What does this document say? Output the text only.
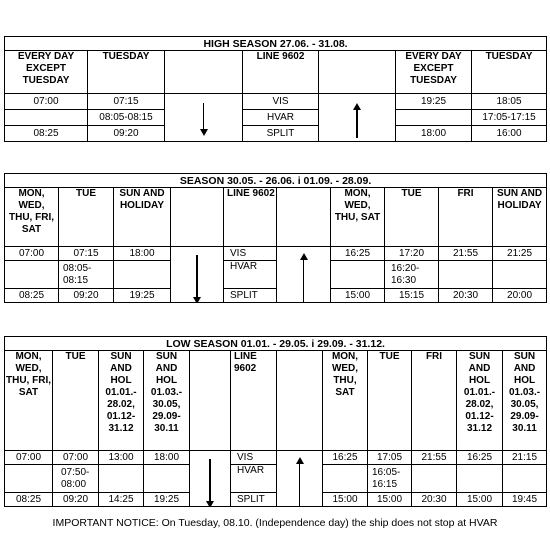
HIGH SEASON 27.06. - 31.08.						
EVERY DAY EXCEPT TUESDAY	TUESDAY		LINE 9602		EVERY DAY EXCEPT TUESDAY	TUESDAY
07:00	07:15		VIS		19:25	18:05
	08:05-08:15		HVAR			17:05-17:15
08:25	09:20		SPLIT		18:00	16:00
SEASON 30.05. - 26.06. i 01.09. - 28.09.									
MON, WED, THU, FRI, SAT	TUE	SUN AND HOLIDAY		LINE 9602		MON, WED, THU, SAT	TUE	FRI	SUN AND HOLIDAY
07:00	07:15	18:00		VIS		16:25	17:20	21:55	21:25
	08:05-08:15			HVAR			16:20-16:30		
08:25	09:20	19:25		SPLIT		15:00	15:15	20:30	20:00
LOW SEASON 01.01. - 29.05. i 29.09. - 31.12.											
MON, WED, THU, FRI, SAT	TUE	SUN AND HOL 01.01.- 28.02, 01.12- 31.12	SUN AND HOL 01.03.- 30.05, 29.09- 30.11		LINE 9602		MON, WED, THU, SAT	TUE	FRI	SUN AND HOL 01.01.- 28.02, 01.12- 31.12	SUN AND HOL 01.03.- 30.05, 29.09- 30.11
07:00	07:00	13:00	18:00		VIS		16:25	17:05	21:55	16:25	21:15
	07:50-08:00				HVAR			16:05-16:15			
08:25	09:20	14:25	19:25		SPLIT		15:00	15:00	20:30	15:00	19:45
IMPORTANT NOTICE: On Tuesday, 08.10. (Independence day) the ship does not stop at HVAR
